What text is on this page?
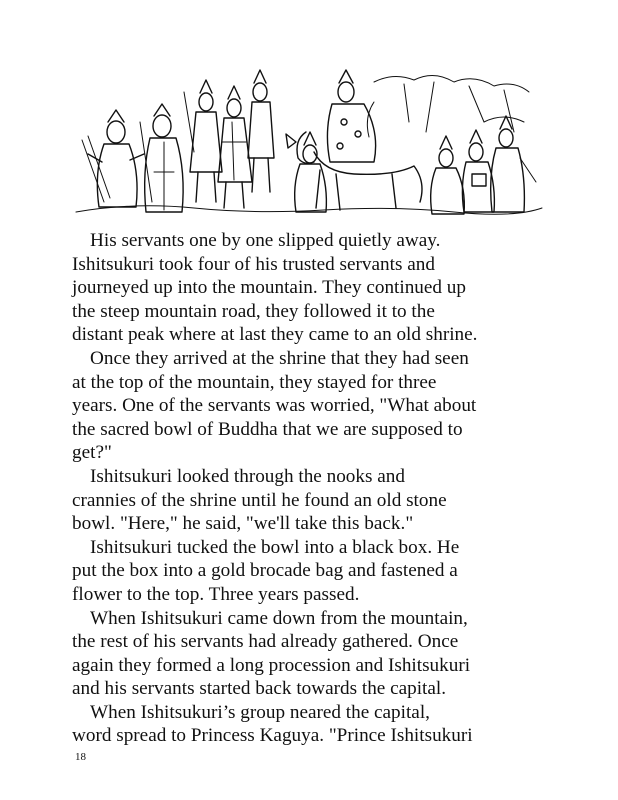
His servants one by one slipped quietly away.
Ishitsukuri took four of his trusted servants and
journeyed up into the mountain. They continued up
the steep mountain road, they followed it to the
distant peak where at last they came to an old shrine.
Once they arrived at the shrine that they had seen
at the top of the mountain, they stayed for three
years. One of the servants was worried, "What about
the sacred bowl of Buddha that we are supposed to
get?"
Ishitsukuri looked through the nooks and
crannies of the shrine until he found an old stone
bowl. "Here," he said, "we'll take this back."
Ishitsukuri tucked the bowl into a black box. He
put the box into a gold brocade bag and fastened a
flower to the top. Three years passed.
When Ishitsukuri came down from the mountain,
the rest of his servants had already gathered. Once
again they formed a long procession and Ishitsukuri
and his servants started back towards the capital.
When Ishitsukuri’s group neared the capital,
word spread to Princess Kaguya. "Prince Ishitsukuri
18
